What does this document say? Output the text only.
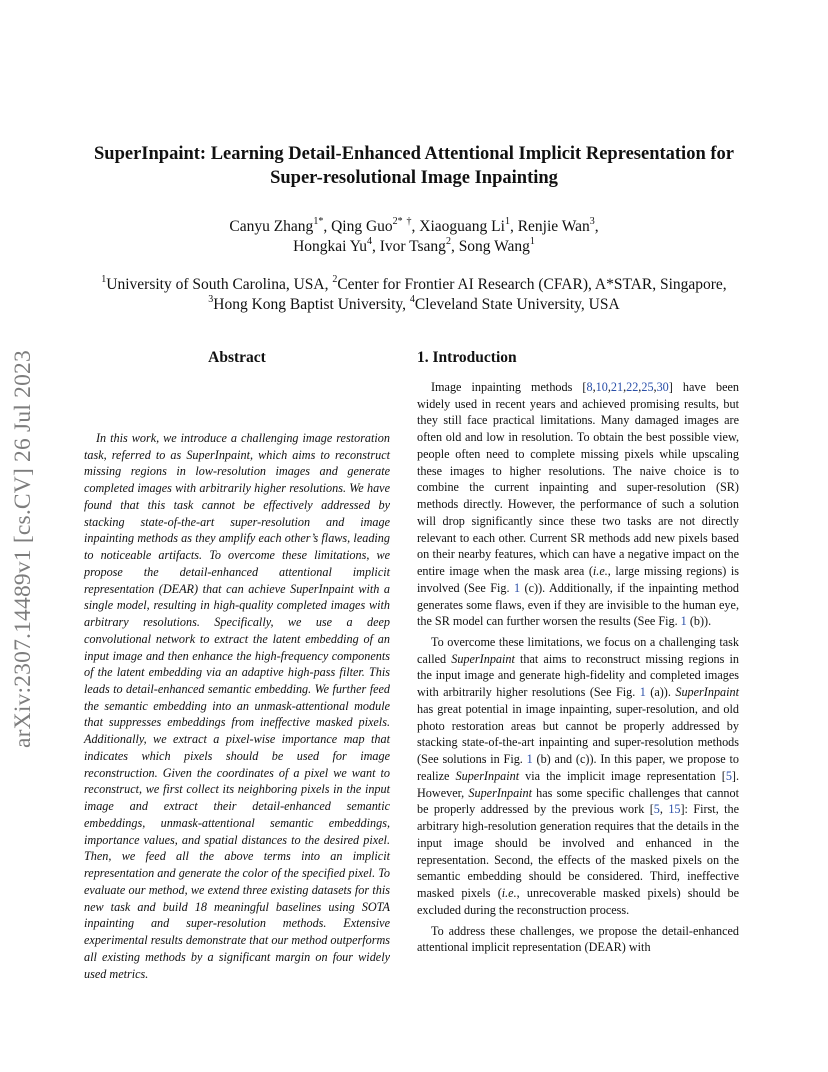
arXiv:2307.14489v1 [cs.CV] 26 Jul 2023
SuperInpaint: Learning Detail-Enhanced Attentional Implicit Representation for
Super-resolutional Image Inpainting
Canyu Zhang$^{1*}$, Qing Guo$^{2*}$ †, Xiaoguang Li$^1$, Renjie Wan$^3$,
Hongkai Yu$^4$, Ivor Tsang$^2$, Song Wang$^1$
$^1$University of South Carolina, USA, $^2$Center for Frontier AI Research (CFAR), A*STAR, Singapore,
$^3$Hong Kong Baptist University, $^4$Cleveland State University, USA
Abstract

In this work, we introduce a challenging image restoration task, referred to as SuperInpaint, which aims to reconstruct missing regions in low-resolution images and generate completed images with arbitrarily higher resolutions. We have found that this task cannot be effectively addressed by stacking state-of-the-art super-resolution and image inpainting methods as they amplify each other’s flaws, leading to noticeable artifacts. To overcome these limitations, we propose the detail-enhanced attentional implicit representation (DEAR) that can achieve SuperInpaint with a single model, resulting in high-quality completed images with arbitrary resolutions. Specifically, we use a deep convolutional network to extract the latent embedding of an input image and then enhance the high-frequency components of the latent embedding via an adaptive high-pass filter. This leads to detail-enhanced semantic embedding. We further feed the semantic embedding into an unmask-attentional module that suppresses embeddings from ineffective masked pixels. Additionally, we extract a pixel-wise importance map that indicates which pixels should be used for image reconstruction. Given the coordinates of a pixel we want to reconstruct, we first collect its neighboring pixels in the input image and extract their detail-enhanced semantic embeddings, unmask-attentional semantic embeddings, importance values, and spatial distances to the desired pixel. Then, we feed all the above terms into an implicit representation and generate the color of the specified pixel. To evaluate our method, we extend three existing datasets for this new task and build 18 meaningful baselines using SOTA inpainting and super-resolution methods. Extensive experimental results demonstrate that our method outperforms all existing methods by a significant margin on four widely used metrics.

1. Introduction

Image inpainting methods [8,10,21,22,25,30] have been widely used in recent years and achieved promising results, but they still face practical limitations. Many damaged images are often old and low in resolution. To obtain the best possible view, people often need to complete missing pixels while upscaling these images to higher resolutions. The naive choice is to combine the current inpainting and super-resolution (SR) methods directly. However, the performance of such a solution will drop significantly since these two tasks are not directly relevant to each other. Current SR methods add new pixels based on their nearby features, which can have a negative impact on the entire image when the mask area (i.e., large missing regions) is involved (See Fig. 1 (c)). Additionally, if the inpainting method generates some flaws, even if they are invisible to the human eye, the SR model can further worsen the results (See Fig. 1 (b)).

To overcome these limitations, we focus on a challenging task called SuperInpaint that aims to reconstruct missing regions in the input image and generate high-fidelity and completed images with arbitrarily higher resolutions (See Fig. 1 (a)). SuperInpaint has great potential in image inpainting, super-resolution, and old photo restoration areas but cannot be properly addressed by stacking state-of-the-art inpainting and super-resolution methods (See solutions in Fig. 1 (b) and (c)). In this paper, we propose to realize SuperInpaint via the implicit image representation [5]. However, SuperInpaint has some specific challenges that cannot be properly addressed by the previous work [5, 15]: First, the arbitrary high-resolution generation requires that the details in the input image should be involved and enhanced in the representation. Second, the effects of the masked pixels on the semantic embedding should be considered. Third, ineffective masked pixels (i.e., unrecoverable masked pixels) should be excluded during the reconstruction process.

To address these challenges, we propose the detail-enhanced attentional implicit representation (DEAR) with
